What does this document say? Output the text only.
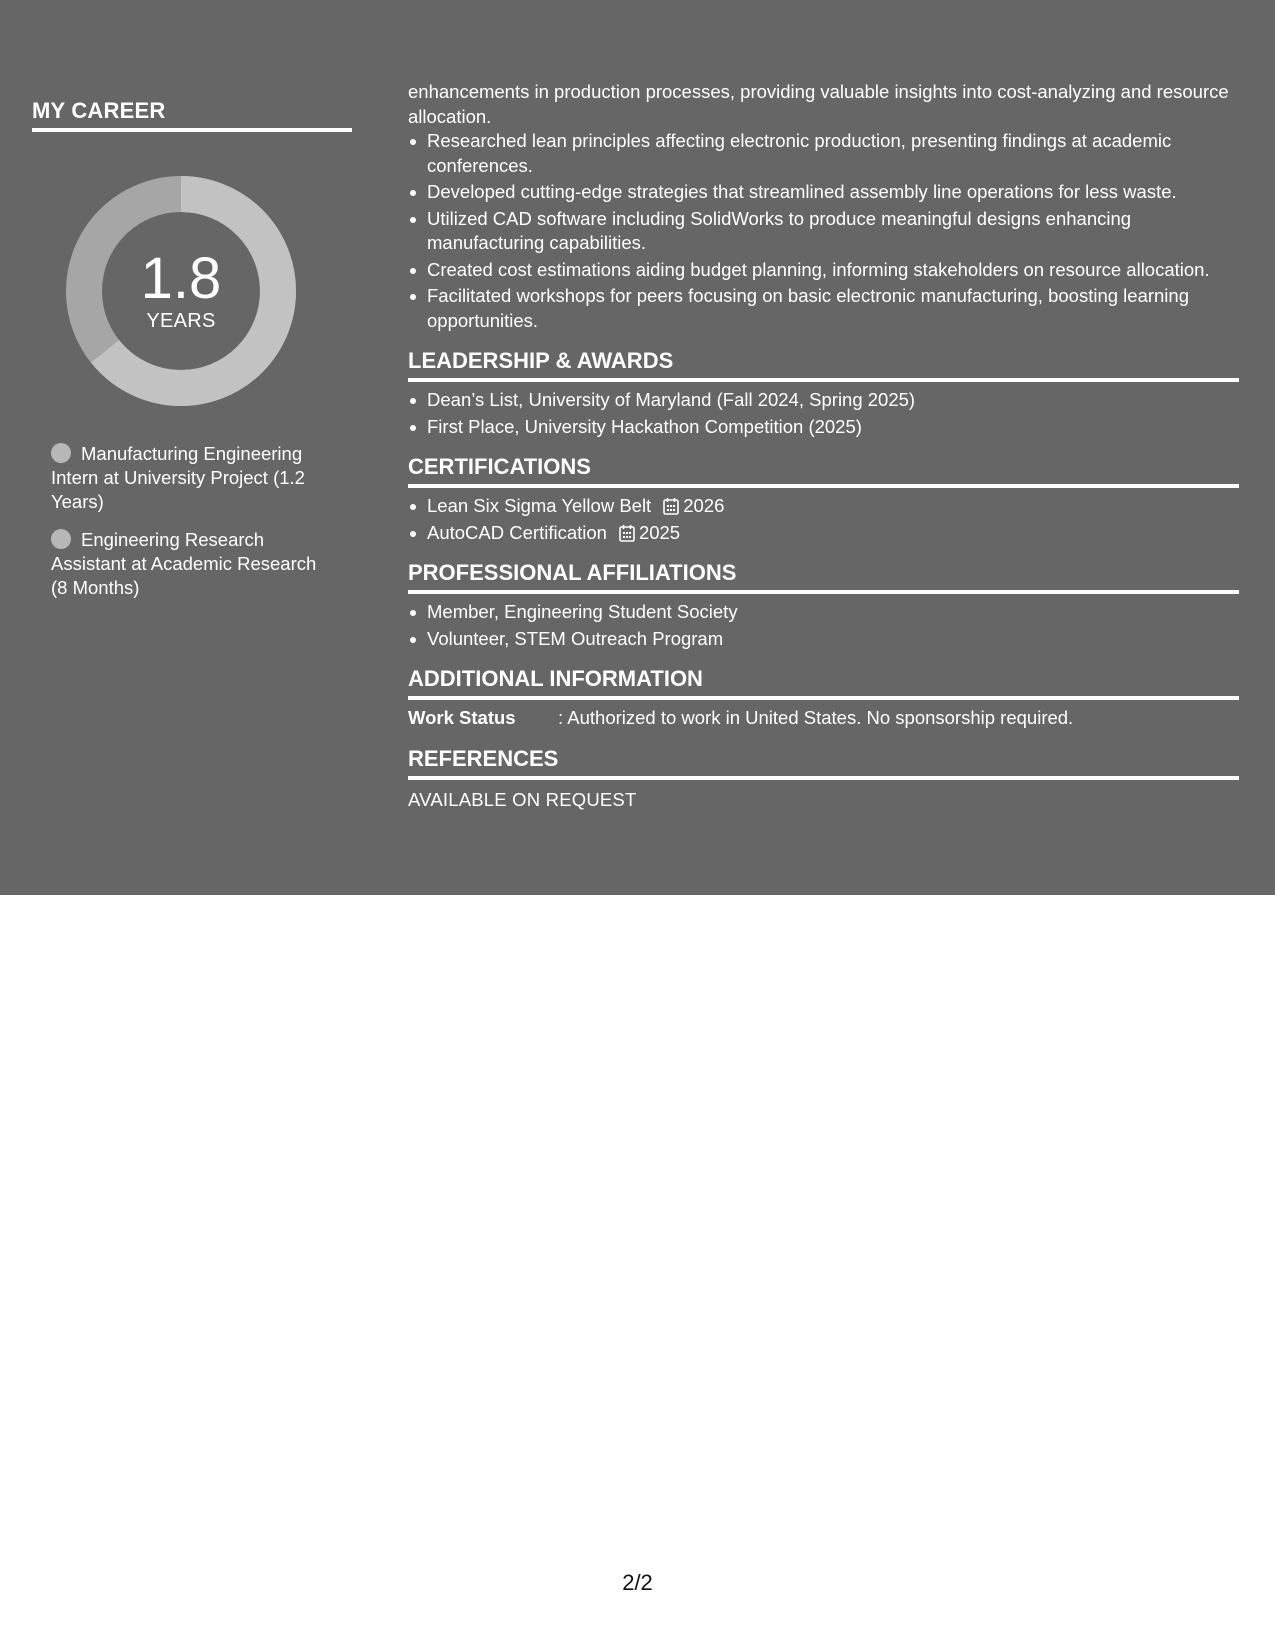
MY CAREER
1.8
YEARS
Manufacturing Engineering Intern at University Project (1.2 Years)
Engineering Research Assistant at Academic Research (8 Months)

enhancements in production processes, providing valuable insights into cost-analyzing and resource allocation.

Researched lean principles affecting electronic production, presenting findings at academic conferences.
Developed cutting-edge strategies that streamlined assembly line operations for less waste.
Utilized CAD software including SolidWorks to produce meaningful designs enhancing manufacturing capabilities.
Created cost estimations aiding budget planning, informing stakeholders on resource allocation.
Facilitated workshops for peers focusing on basic electronic manufacturing, boosting learning opportunities.
LEADERSHIP & AWARDS
Dean’s List, University of Maryland (Fall 2024, Spring 2025)
First Place, University Hackathon Competition (2025)
CERTIFICATIONS
Lean Six Sigma Yellow Belt 2026
AutoCAD Certification 2025
PROFESSIONAL AFFILIATIONS
Member, Engineering Student Society
Volunteer, STEM Outreach Program
ADDITIONAL INFORMATION
Work Status	: Authorized to work in United States. No sponsorship required.
REFERENCES
AVAILABLE ON REQUEST
2/2
